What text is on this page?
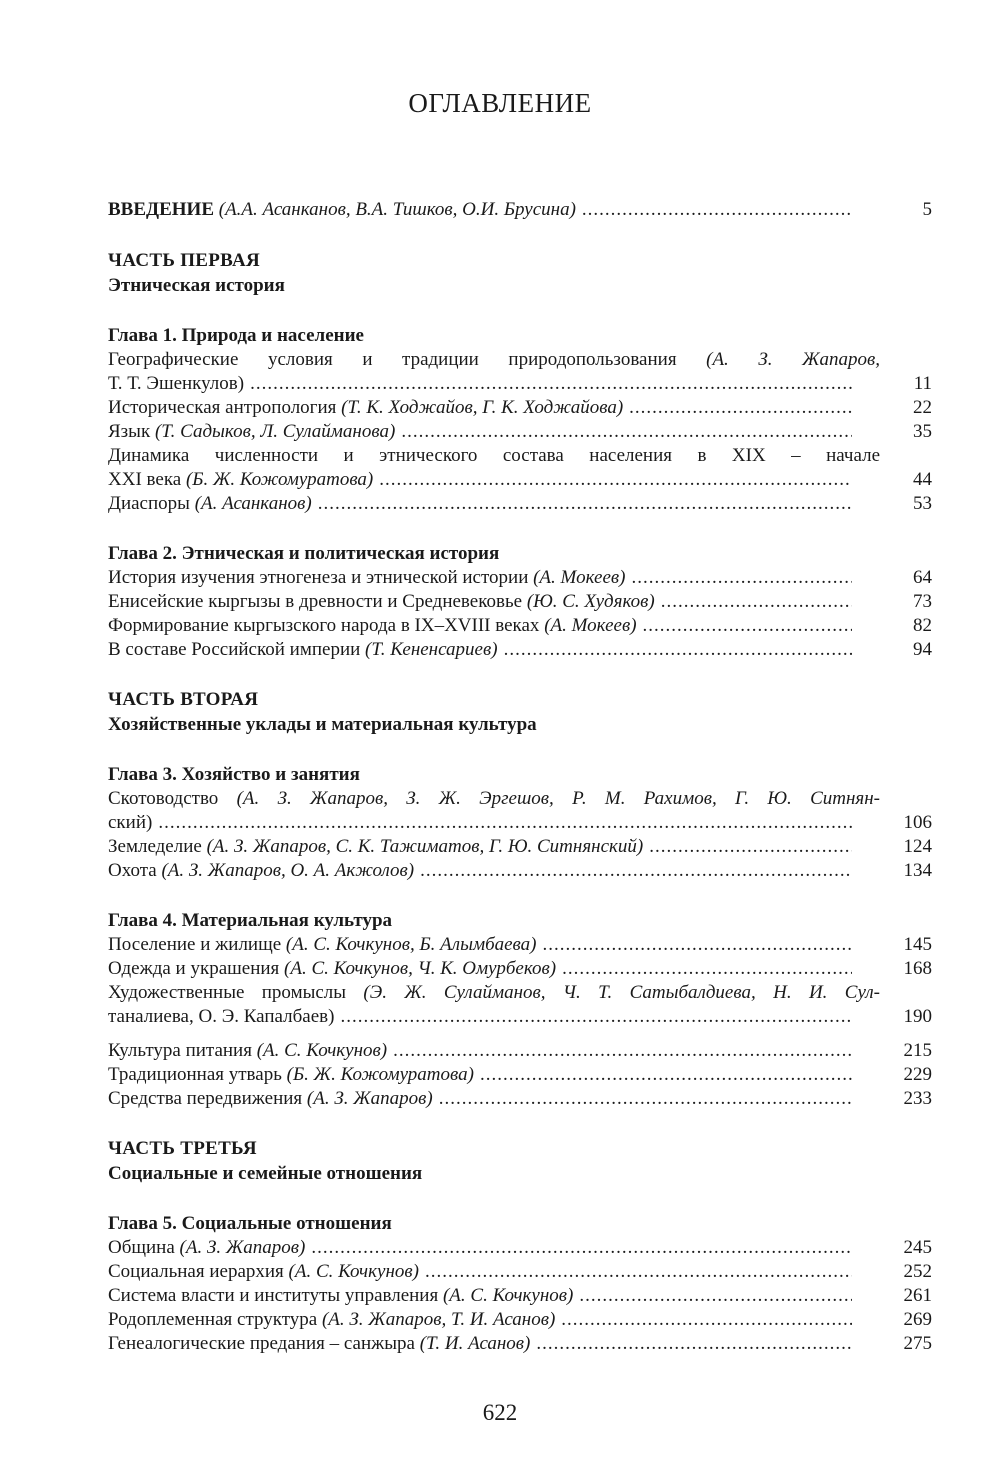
ОГЛАВЛЕНИЕ
ВВЕДЕНИЕ (А.А. Асанканов, В.А. Тишков, О.И. Брусина) .....	5
ЧАСТЬ ПЕРВАЯ
Этническая история
Глава 1. Природа и население
Географические условия и традиции природопользования (А. З. Жапаров,
Т. Т. Эшенкулов) .....	11
Историческая антропология (Т. К. Ходжайов, Г. К. Ходжайова) .....	22
Язык (Т. Садыков, Л. Сулайманова) .....	35
Динамика численности и этнического состава населения в XIX – начале
XXI века (Б. Ж. Кожомуратова) .....	44
Диаспоры (А. Асанканов) .....	53
Глава 2. Этническая и политическая история
История изучения этногенеза и этнической истории (А. Мокеев) .....	64
Енисейские кыргызы в древности и Средневековье (Ю. С. Худяков) .....	73
Формирование кыргызского народа в IX–XVIII веках (А. Мокеев) .....	82
В составе Российской империи (Т. Кененсариев) .....	94
ЧАСТЬ ВТОРАЯ
Хозяйственные уклады и материальная культура
Глава 3. Хозяйство и занятия
Скотоводство (А. З. Жапаров, З. Ж. Эргешов, Р. М. Рахимов, Г. Ю. Ситнян-
ский) .....	106
Земледелие (А. З. Жапаров, С. К. Тажиматов, Г. Ю. Ситнянский) .....	124
Охота (А. З. Жапаров, О. А. Акжолов) .....	134
Глава 4. Материальная культура
Поселение и жилище (А. С. Кочкунов, Б. Алымбаева) .....	145
Одежда и украшения (А. С. Кочкунов, Ч. К. Омурбеков) .....	168
Художественные промыслы (Э. Ж. Сулайманов, Ч. Т. Сатыбалдиева, Н. И. Сул-
таналиева, О. Э. Капалбаев) .....	190
Культура питания (А. С. Кочкунов) .....	215
Традиционная утварь (Б. Ж. Кожомуратова) .....	229
Средства передвижения (А. З. Жапаров) .....	233
ЧАСТЬ ТРЕТЬЯ
Социальные и семейные отношения
Глава 5. Социальные отношения
Община (А. З. Жапаров) .....	245
Социальная иерархия (А. С. Кочкунов) .....	252
Система власти и институты управления (А. С. Кочкунов) .....	261
Родоплеменная структура (А. З. Жапаров, Т. И. Асанов) .....	269
Генеалогические предания – санжыра (Т. И. Асанов) .....	275
622
